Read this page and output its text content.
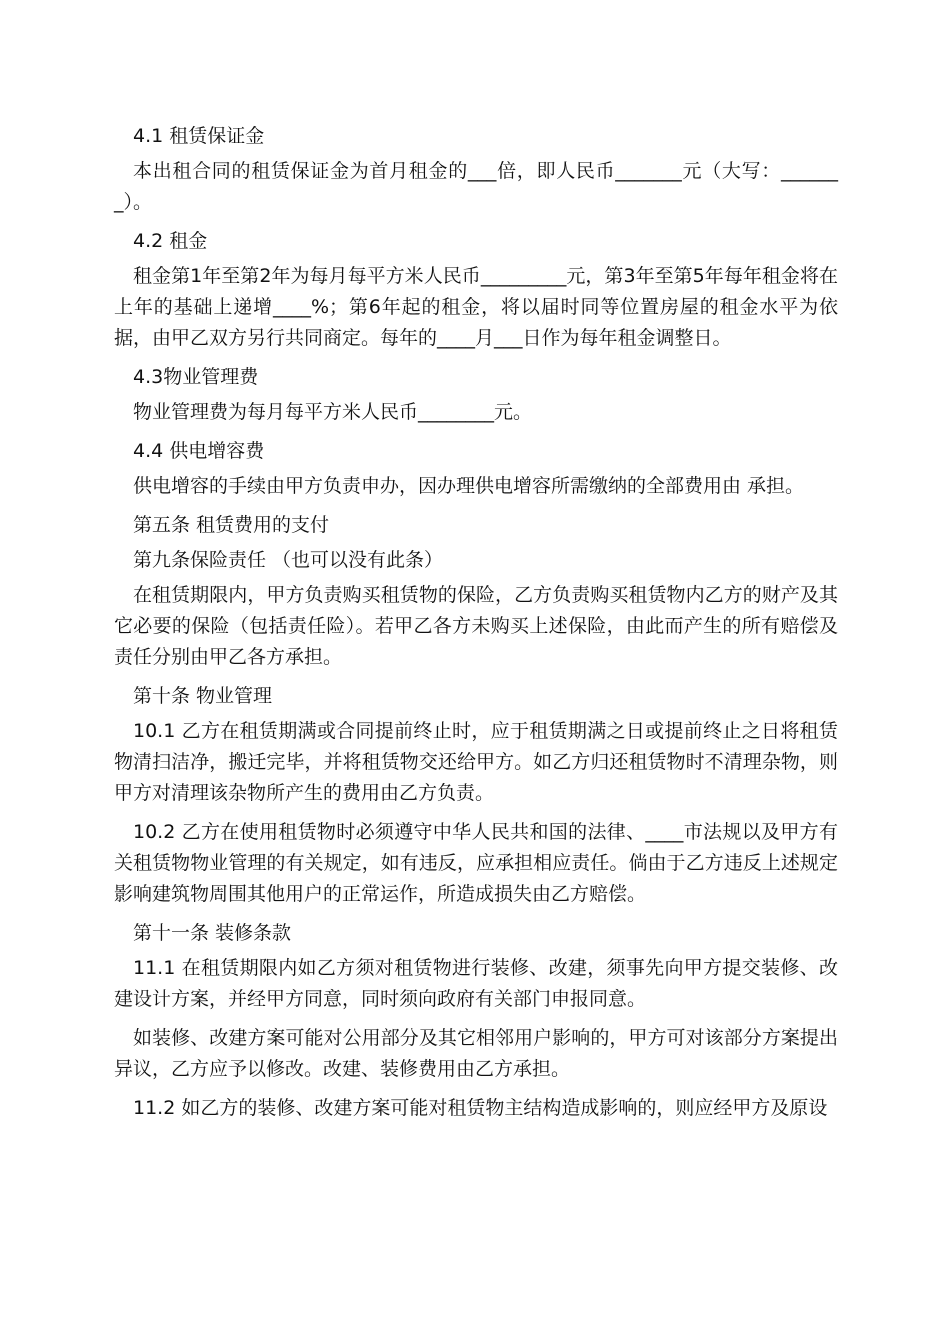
4.1 租赁保证金

本出租合同的租赁保证金为首月租金的___倍，即人民币_______元（大写：_______）。

4.2 租金

租金第1年至第2年为每月每平方米人民币_________元，第3年至第5年每年租金将在上年的基础上递增____%；第6年起的租金，将以届时同等位置房屋的租金水平为依据，由甲乙双方另行共同商定。每年的____月___日作为每年租金调整日。

4.3物业管理费

物业管理费为每月每平方米人民币________元。

4.4 供电增容费

供电增容的手续由甲方负责申办，因办理供电增容所需缴纳的全部费用由 承担。

第五条 租赁费用的支付

第九条保险责任 （也可以没有此条）

在租赁期限内，甲方负责购买租赁物的保险，乙方负责购买租赁物内乙方的财产及其它必要的保险（包括责任险）。若甲乙各方未购买上述保险，由此而产生的所有赔偿及责任分别由甲乙各方承担。

第十条 物业管理

10.1 乙方在租赁期满或合同提前终止时，应于租赁期满之日或提前终止之日将租赁物清扫洁净，搬迁完毕，并将租赁物交还给甲方。如乙方归还租赁物时不清理杂物，则甲方对清理该杂物所产生的费用由乙方负责。

10.2 乙方在使用租赁物时必须遵守中华人民共和国的法律、____市法规以及甲方有关租赁物物业管理的有关规定，如有违反，应承担相应责任。倘由于乙方违反上述规定影响建筑物周围其他用户的正常运作，所造成损失由乙方赔偿。

第十一条 装修条款

11.1 在租赁期限内如乙方须对租赁物进行装修、改建，须事先向甲方提交装修、改建设计方案，并经甲方同意，同时须向政府有关部门申报同意。

如装修、改建方案可能对公用部分及其它相邻用户影响的，甲方可对该部分方案提出异议，乙方应予以修改。改建、装修费用由乙方承担。

11.2 如乙方的装修、改建方案可能对租赁物主结构造成影响的，则应经甲方及原设
